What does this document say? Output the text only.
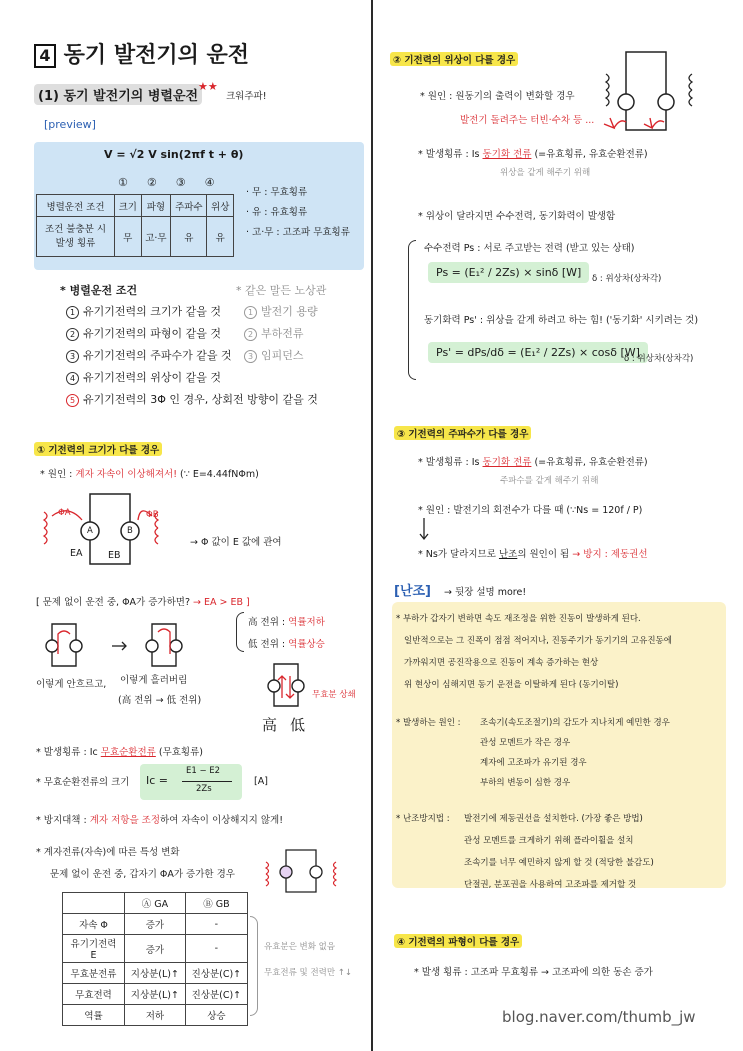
4 동기 발전기의 운전
(1) 동기 발전기의 병렬운전
★★
크워주파!
[preview]
V = √2 V sin(2πf t + θ)
①②③④
병렬운전 조건	크기	파형	주파수	위상
조건 불충분 시 발생 횡류	무	고·무	유	유
· 무 : 무효횡류
· 유 : 유효횡류
· 고·무 : 고조파 무효횡류
* 병렬운전 조건
1 유기기전력의 크기가 같을 것
2 유기기전력의 파형이 같을 것
3 유기기전력의 주파수가 같을 것
4 유기기전력의 위상이 같을 것
5 유기기전력의 3Φ 인 경우, 상회전 방향이 같을 것
* 같은 말든 노상관
1 발전기 용량
2 부하전류
3 임피던스
① 기전력의 크기가 다를 경우
* 원인 : 계자 자속이 이상해져서! (∵ E=4.44fNΦm)
ΦA	ΦB
A	B
EA	EB
→ Φ 값이 E 값에 관여
[ 문제 없이 운전 중, ΦA가 증가하면? → EA > EB ]
이렇게 안흐르고, 이렇게 흘러버림
(高 전위 → 低 전위)
高 전위 : 역률저하
低 전위 : 역률상승
무효분 상쇄
高 低
* 발생횡류 : Ic 무효순환전류 (무효횡류)
* 무효순환전류의 크기 Ic =
E1 − E2
2Zs
[A]
* 방지대책 : 계자 저항을 조정하여 자속이 이상해지지 않게!
* 계자전류(자속)에 따른 특성 변화
문제 없이 운전 중, 갑자기 ΦA가 증가한 경우
	Ⓐ GA	Ⓑ GB
자속 Φ	증가	-
유기기전력 E	증가	-
무효분전류	지상분(L)↑	진상분(C)↑
무효전력	지상분(L)↑	진상분(C)↑
역률	저하	상승
유효분은 변화 없음
무효전류 및 전력만 ↑↓
② 기전력의 위상이 다를 경우
* 원인 : 원동기의 출력이 변화할 경우
발전기 돌려주는 터빈·수차 등 ...
* 발생횡류 : Is 동기화 전류 (=유효횡류, 유효순환전류)
위상을 같게 해주기 위해
* 위상이 달라지면 수수전력, 동기화력이 발생함
수수전력 Ps : 서로 주고받는 전력 (받고 있는 상태)
Ps = (E₁² / 2Zs) × sinδ [W]	δ : 위상차(상차각)
동기화력 Ps' : 위상을 같게 하려고 하는 힘! ('동기화' 시키려는 것)
Ps' = dPs/dδ = (E₁² / 2Zs) × cosδ [W]
δ : 위상차(상차각)
③ 기전력의 주파수가 다를 경우
* 발생횡류 : Is 동기화 전류 (=유효횡류, 유효순환전류)
주파수를 같게 해주기 위해
* 원인 : 발전기의 회전수가 다를 때 (∵Ns = 120f / P)
* Ns가 달라지므로 난조의 원인이 됨 → 방지 : 제동권선
[난조] → 뒷장 설명 more!
* 부하가 갑자기 변하면 속도 재조정을 위한 진동이 발생하게 된다.
일반적으로는 그 진폭이 점점 적어지나, 진동주기가 동기기의 고유진동에
가까워지면 공진작용으로 진동이 계속 증가하는 현상
위 현상이 심해지면 동기 운전을 이탈하게 된다 (동기이탈)
* 발생하는 원인 : 조속기(속도조절기)의 감도가 지나치게 예민한 경우
관성 모멘트가 작은 경우
계자에 고조파가 유기된 경우
부하의 변동이 심한 경우
* 난조방지법 : 발전기에 제동권선을 설치한다. (가장 좋은 방법)
관성 모멘트를 크게하기 위해 플라이휠을 설치
조속기를 너무 예민하지 않게 할 것 (적당한 불감도)
단절권, 분포권을 사용하여 고조파를 제거할 것
④ 기전력의 파형이 다를 경우
* 발생 횡류 : 고조파 무효횡류 → 고조파에 의한 동손 증가
blog.naver.com/thumb_jw
